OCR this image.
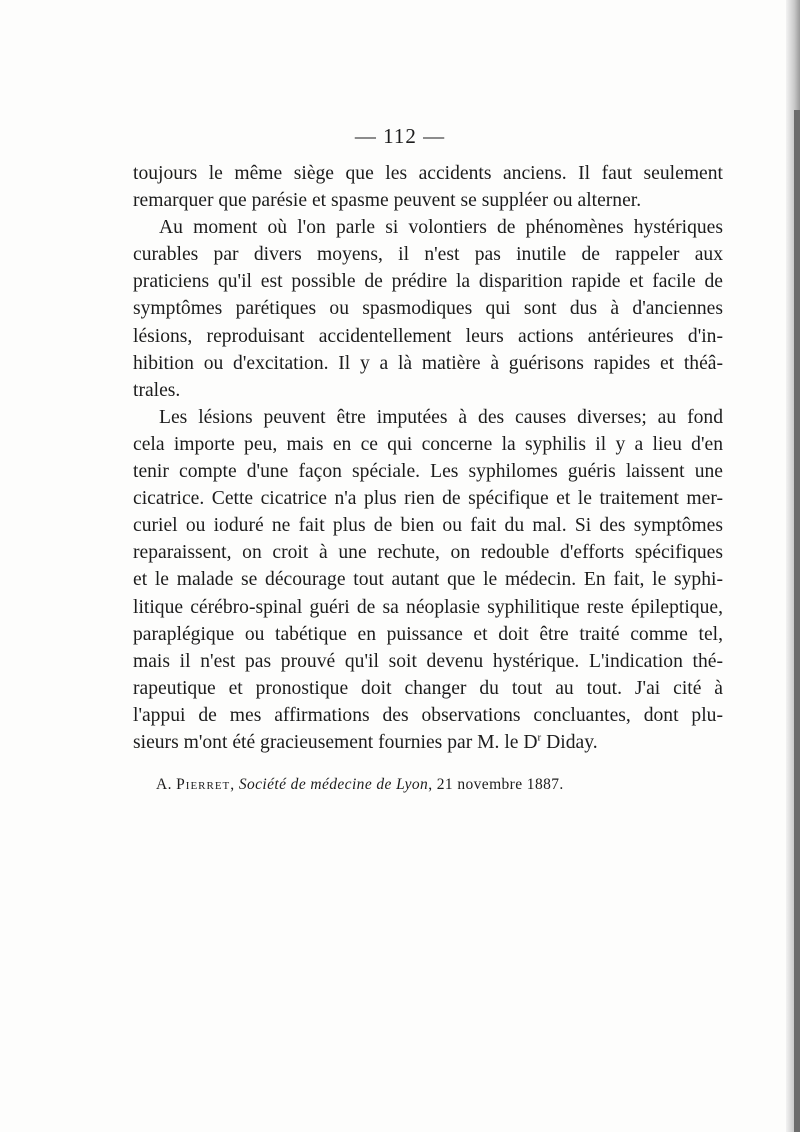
— 112 —
toujours le même siège que les accidents anciens. Il faut seulement
remarquer que parésie et spasme peuvent se suppléer ou alterner.
Au moment où l'on parle si volontiers de phénomènes hystériques
curables par divers moyens, il n'est pas inutile de rappeler aux
praticiens qu'il est possible de prédire la disparition rapide et facile de
symptômes parétiques ou spasmodiques qui sont dus à d'anciennes
lésions, reproduisant accidentellement leurs actions antérieures d'in-
hibition ou d'excitation. Il y a là matière à guérisons rapides et théâ-
trales.
Les lésions peuvent être imputées à des causes diverses; au fond
cela importe peu, mais en ce qui concerne la syphilis il y a lieu d'en
tenir compte d'une façon spéciale. Les syphilomes guéris laissent une
cicatrice. Cette cicatrice n'a plus rien de spécifique et le traitement mer-
curiel ou ioduré ne fait plus de bien ou fait du mal. Si des symptômes
reparaissent, on croit à une rechute, on redouble d'efforts spécifiques
et le malade se décourage tout autant que le médecin. En fait, le syphi-
litique cérébro-spinal guéri de sa néoplasie syphilitique reste épileptique,
paraplégique ou tabétique en puissance et doit être traité comme tel,
mais il n'est pas prouvé qu'il soit devenu hystérique. L'indication thé-
rapeutique et pronostique doit changer du tout au tout. J'ai cité à
l'appui de mes affirmations des observations concluantes, dont plu-
sieurs m'ont été gracieusement fournies par M. le $D^r$ Diday.
A. Pierret, Société de médecine de Lyon, 21 novembre 1887.
